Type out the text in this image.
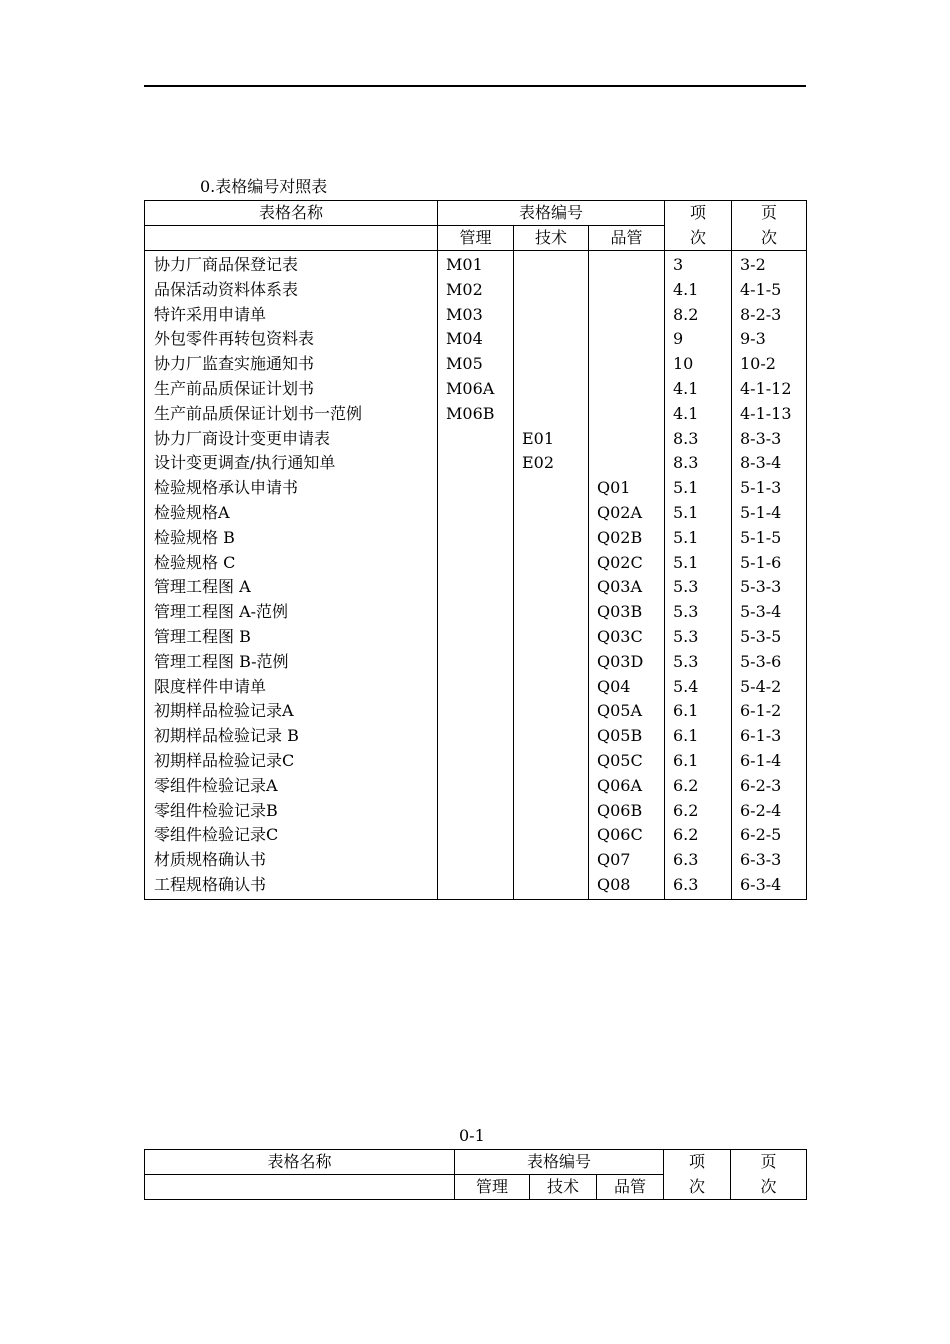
0.表格编号对照表
表格名称	表格编号			项	页
	管理	技术	品管	次	次
协力厂商品保登记表	M01			3	3-2
品保活动资料体系表	M02			4.1	4-1-5
特许采用申请单	M03			8.2	8-2-3
外包零件再转包资料表	M04			9	9-3
协力厂监查实施通知书	M05			10	10-2
生产前品质保证计划书	M06A			4.1	4-1-12
生产前品质保证计划书一范例	M06B			4.1	4-1-13
协力厂商设计变更申请表		E01		8.3	8-3-3
设计变更调查/执行通知单		E02		8.3	8-3-4
检验规格承认申请书			Q01	5.1	5-1-3
检验规格A			Q02A	5.1	5-1-4
检验规格 B			Q02B	5.1	5-1-5
检验规格 C			Q02C	5.1	5-1-6
管理工程图 A			Q03A	5.3	5-3-3
管理工程图 A-范例			Q03B	5.3	5-3-4
管理工程图 B			Q03C	5.3	5-3-5
管理工程图 B-范例			Q03D	5.3	5-3-6
限度样件申请单			Q04	5.4	5-4-2
初期样品检验记录A			Q05A	6.1	6-1-2
初期样品检验记录 B			Q05B	6.1	6-1-3
初期样品检验记录C			Q05C	6.1	6-1-4
零组件检验记录A			Q06A	6.2	6-2-3
零组件检验记录B			Q06B	6.2	6-2-4
零组件检验记录C			Q06C	6.2	6-2-5
材质规格确认书			Q07	6.3	6-3-3
工程规格确认书			Q08	6.3	6-3-4
0-1
表格名称	表格编号			项	页
	管理	技术	品管	次	次
